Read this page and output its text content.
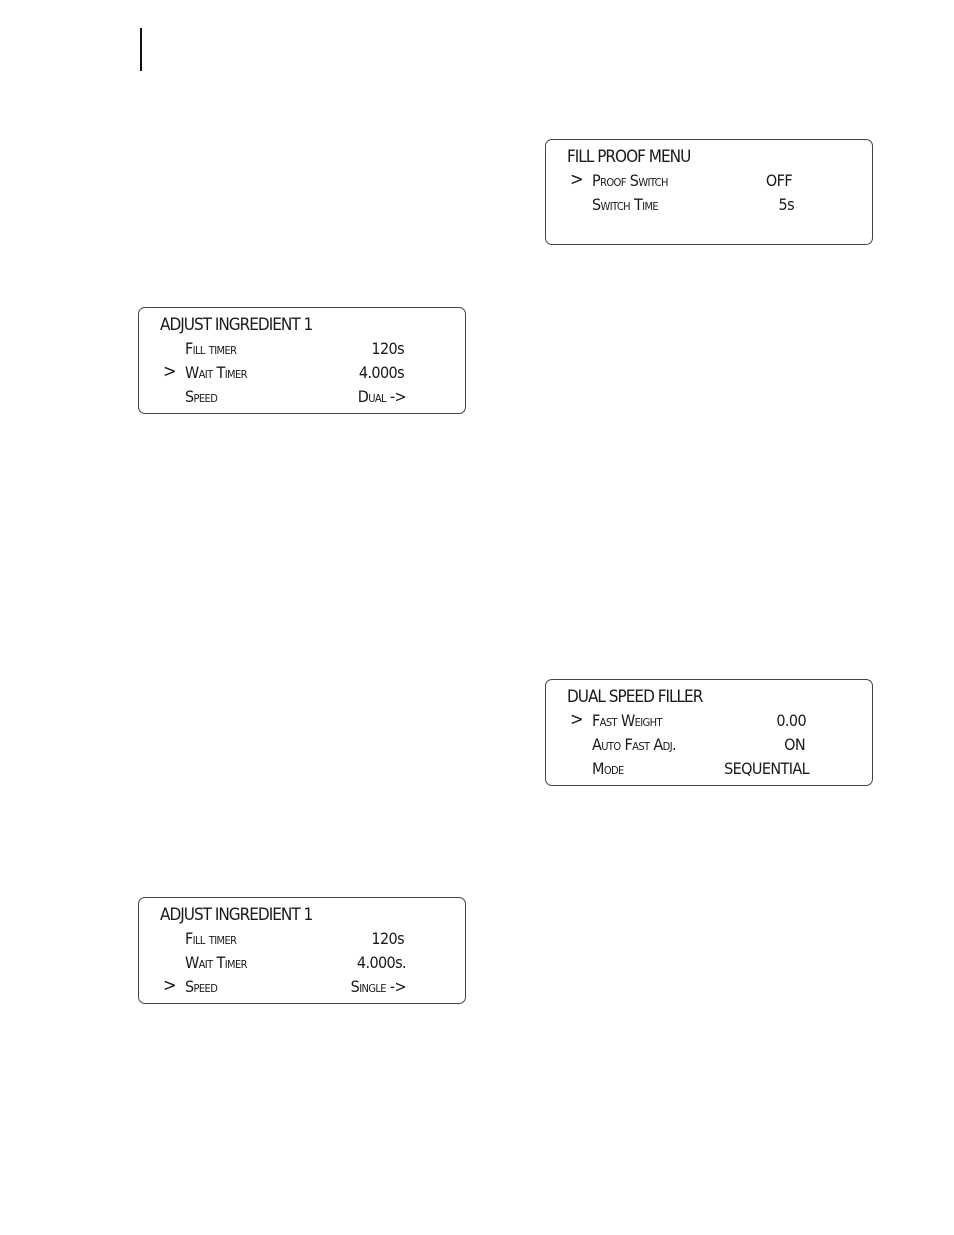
FILL PROOF MENU
> Proof Switch	OFF
Switch Time	5s
ADJUST INGREDIENT 1
Fill timer	120s
> Wait Timer	4.000s
Speed	Dual ->
DUAL SPEED FILLER
> Fast Weight	0.00
Auto Fast Adj.	ON
Mode	SEQUENTIAL
ADJUST INGREDIENT 1
Fill timer	120s
Wait Timer	4.000s.
> Speed	Single ->
